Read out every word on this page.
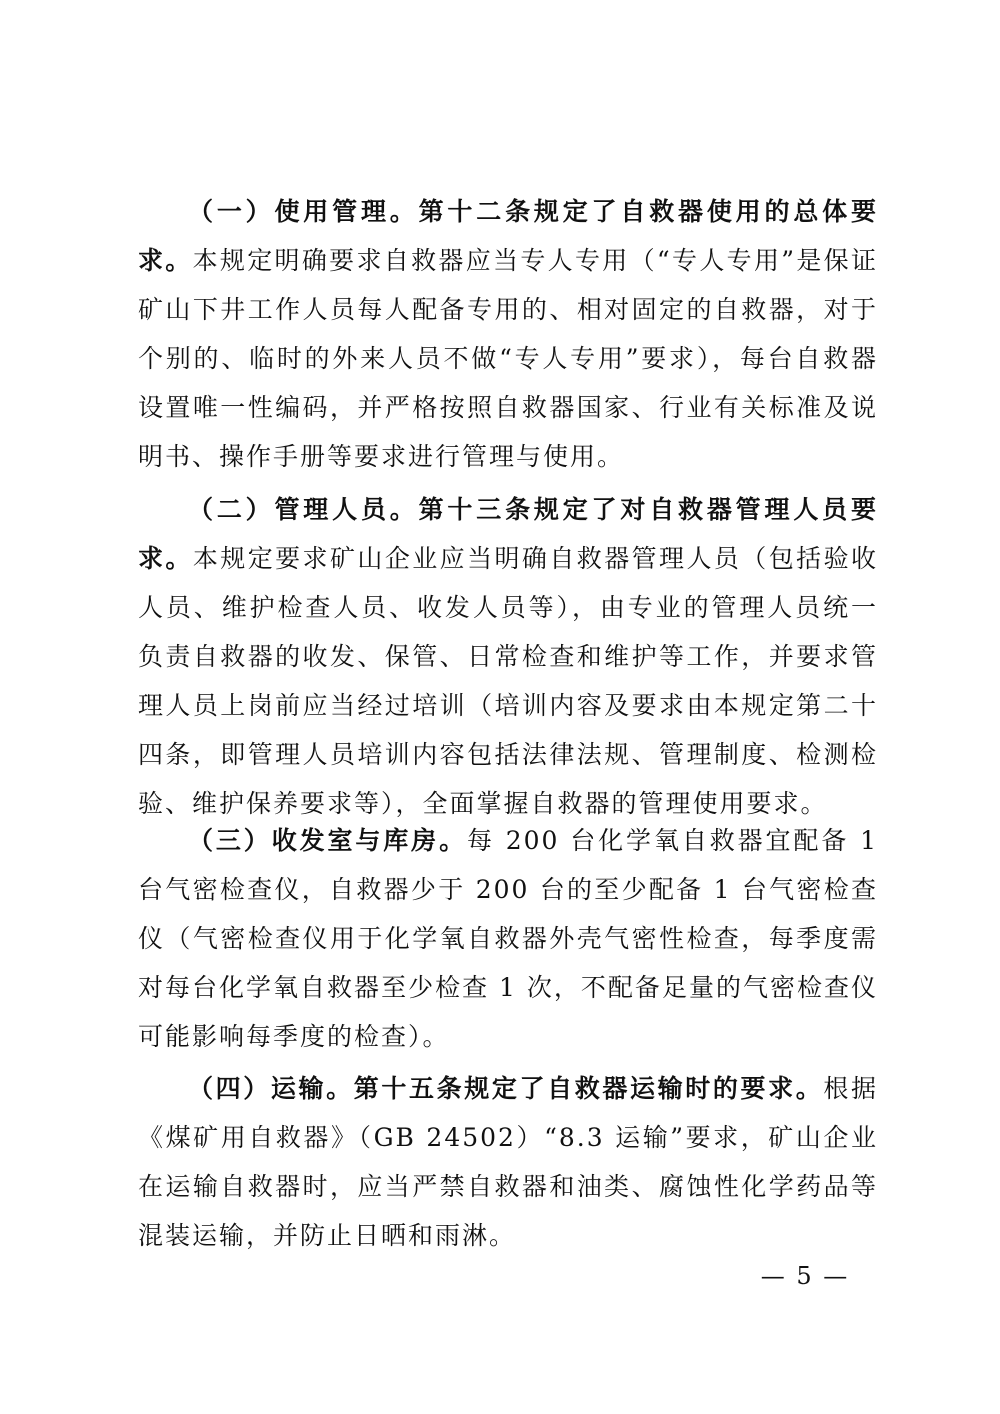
（一）使用管理。第十二条规定了自救器使用的总体要求。本规定明确要求自救器应当专人专用（“专人专用”是保证矿山下井工作人员每人配备专用的、相对固定的自救器，对于个别的、临时的外来人员不做“专人专用”要求），每台自救器设置唯一性编码，并严格按照自救器国家、行业有关标准及说明书、操作手册等要求进行管理与使用。

（二）管理人员。第十三条规定了对自救器管理人员要求。本规定要求矿山企业应当明确自救器管理人员（包括验收人员、维护检查人员、收发人员等），由专业的管理人员统一负责自救器的收发、保管、日常检查和维护等工作，并要求管理人员上岗前应当经过培训（培训内容及要求由本规定第二十四条，即管理人员培训内容包括法律法规、管理制度、检测检验、维护保养要求等），全面掌握自救器的管理使用要求。

（三）收发室与库房。每 200 台化学氧自救器宜配备 1 台气密检查仪，自救器少于 200 台的至少配备 1 台气密检查仪（气密检查仪用于化学氧自救器外壳气密性检查，每季度需对每台化学氧自救器至少检查 1 次，不配备足量的气密检查仪可能影响每季度的检查）。

（四）运输。第十五条规定了自救器运输时的要求。根据《煤矿用自救器》（GB 24502）“8.3 运输”要求，矿山企业在运输自救器时，应当严禁自救器和油类、腐蚀性化学药品等混装运输，并防止日晒和雨淋。

— 5 —
